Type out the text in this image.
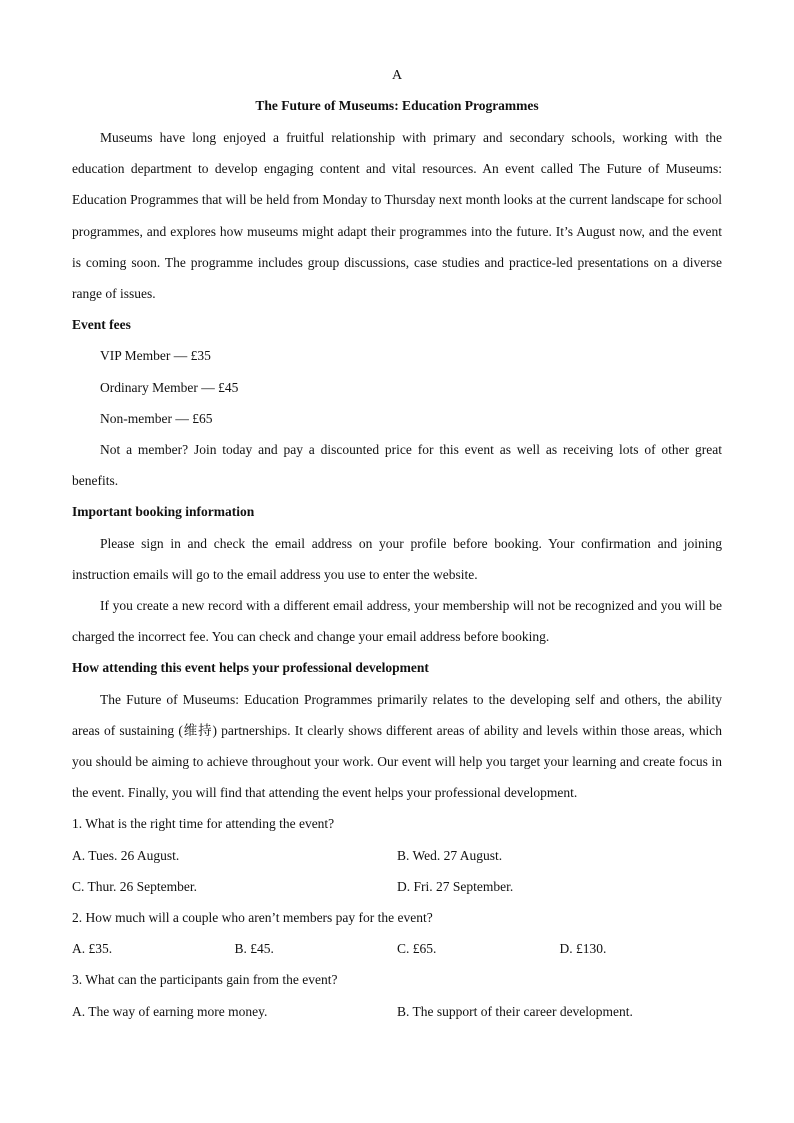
A
The Future of Museums: Education Programmes

Museums have long enjoyed a fruitful relationship with primary and secondary schools, working with the education department to develop engaging content and vital resources. An event called The Future of Museums: Education Programmes that will be held from Monday to Thursday next month looks at the current landscape for school programmes, and explores how museums might adapt their programmes into the future. It’s August now, and the event is coming soon. The programme includes group discussions, case studies and practice-led presentations on a diverse range of issues.

Event fees

VIP Member — £35

Ordinary Member — £45

Non-member — £65

Not a member? Join today and pay a discounted price for this event as well as receiving lots of other great benefits.

Important booking information

Please sign in and check the email address on your profile before booking. Your confirmation and joining instruction emails will go to the email address you use to enter the website.

If you create a new record with a different email address, your membership will not be recognized and you will be charged the incorrect fee. You can check and change your email address before booking.

How attending this event helps your professional development

The Future of Museums: Education Programmes primarily relates to the developing self and others, the ability areas of sustaining (维持) partnerships. It clearly shows different areas of ability and levels within those areas, which you should be aiming to achieve throughout your work. Our event will help you target your learning and create focus in the event. Finally, you will find that attending the event helps your professional development.

1. What is the right time for attending the event?

A. Tues. 26 August.	B. Wed. 27 August.
C. Thur. 26 September.	D. Fri. 27 September.

2. How much will a couple who aren’t members pay for the event?

A. £35.	B. £45.	C. £65.	D. £130.

3. What can the participants gain from the event?

A. The way of earning more money.	B. The support of their career development.
